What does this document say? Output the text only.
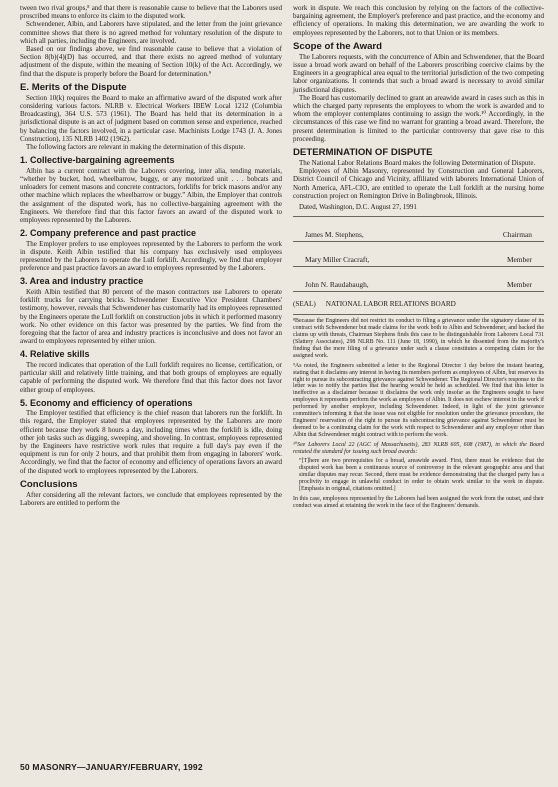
tween two rival groups,⁸ and that there is reasonable cause to believe that the Laborers used proscribed means to enforce its claim to the disputed work.

Schwendener, Albin, and Laborers have stipulated, and the letter from the joint grievance committee shows that there is no agreed method for voluntary resolution of the dispute to which all parties, including the Engineers, are involved.

Based on our findings above, we find reasonable cause to believe that a violation of Section 8(b)(4)(D) has occurred, and that there exists no agreed method of voluntary adjustment of the dispute, within the meaning of Section 10(k) of the Act. Accordingly, we find that the dispute is properly before the Board for determination.⁹

E. Merits of the Dispute

Section 10(k) requires the Board to make an affirmative award of the disputed work after considering various factors. NLRB v. Electrical Workers IBEW Local 1212 (Columbia Broadcasting), 364 U.S. 573 (1961). The Board has held that its determination in a jurisdictional dispute is an act of judgment based on common sense and experience, reached by balancing the factors involved, in a particular case. Machinists Lodge 1743 (J. A. Jones Construction), 135 NLRB 1402 (1962).

The following factors are relevant in making the determination of this dispute.

1. Collective-bargaining agreements

Albin has a current contract with the Laborers covering, inter alia, tending materials, “whether by bucket, hod, wheelbarrow, buggy, or any motorized unit . . . bobcats and unloaders for cement masons and concrete contractors, forklifts for brick masons and/or any other machine which replaces the wheelbarrow or buggy.” Albin, the Employer that controls the assignment of the disputed work, has no collective-bargaining agreement with the Engineers. We therefore find that this factor favors an award of the disputed work to employees represented by the Laborers.

2. Company preference and past practice

The Employer prefers to use employees represented by the Laborers to perform the work in dispute. Keith Albin testified that his company has exclusively used employees represented by the Laborers to operate the Lull forklift. Accordingly, we find that employer preference and past practice favors an award to employees represented by the Laborers.

3. Area and industry practice

Keith Albin testified that 80 percent of the mason contractors use Laborers to operate forklift trucks for carrying bricks. Schwendener Executive Vice President Chambers' testimony, however, reveals that Schwendener has customarily had its employees represented by the Engineers operate the Lull forklift on construction jobs in which it performed masonry work. No other evidence on this factor was presented by the parties. We find from the foregoing that the factor of area and industry practices is inconclusive and does not favor an award to employees represented by either union.

4. Relative skills

The record indicates that operation of the Lull forklift requires no license, certification, or particular skill and relatively little training, and that both groups of employees are equally capable of performing the disputed work. We therefore find that this factor does not favor either group of employees.

5. Economy and efficiency of operations

The Employer testified that efficiency is the chief reason that laborers run the forklift. In this regard, the Employer stated that employees represented by the Laborers are more efficient because they work 8 hours a day, including times when the forklift is idle, doing other job tasks such as digging, sweeping, and shoveling. In contrast, employees represented by the Engineers have restrictive work rules that require a full day's pay even if the equipment is run for only 2 hours, and that prohibit them from engaging in laborers' work. Accordingly, we find that the factor of economy and efficiency of operations favors an award of the disputed work to employees represented by the Laborers.

Conclusions

After considering all the relevant factors, we conclude that employees represented by the Laborers are entitled to perform the

work in dispute. We reach this conclusion by relying on the factors of the collective-bargaining agreement, the Employer's preference and past practice, and the economy and efficiency of operations. In making this determination, we are awarding the work to employees represented by the Laborers, not to that Union or its members.

Scope of the Award

The Laborers requests, with the concurrence of Albin and Schwendener, that the Board issue a broad work award on behalf of the Laborers proscribing coercive claims by the Engineers in a geographical area equal to the territorial jurisdiction of the two competing labor organizations. It contends that such a broad award is necessary to avoid similar jurisdictional disputes.

The Board has customarily declined to grant an areawide award in cases such as this in which the charged party represents the employees to whom the work is awarded and to whom the employer contemplates continuing to assign the work.¹⁰ Accordingly, in the circumstances of this case we find no warrant for granting a broad award. Therefore, the present determination is limited to the particular controversy that gave rise to this proceeding.

DETERMINATION OF DISPUTE

The National Labor Relations Board makes the following Determination of Dispute.

Employees of Albin Masonry, represented by Construction and General Laborers, District Council of Chicago and Vicinity, affiliated with laborers International Union of North America, AFL-CIO, are entitled to operate the Lull forklift at the nursing home construction project on Remington Drive in Bolingbrook, Illinois.

Dated, Washington, D.C. August 27, 1991

James M. Stephens,	Chairman
Mary Miller Cracraft,	Member
John N. Raudabaugh,	Member
(SEAL) NATIONAL LABOR RELATIONS BOARD

⁸Because the Engineers did not restrict its conduct to filing a grievance under the signatory clause of its contract with Schwendener but made claims for the work both to Albin and Schwendener, and backed the claims up with threats, Chairman Stephens finds this case to be distinguishable from Laborers Local 731 (Slattery Associates), 298 NLRB No. 111 (June 18, 1990), in which he dissented from the majority's finding that the mere filing of a grievance under such a clause constitutes a competing claim for the assigned work.

⁹As noted, the Engineers submitted a letter to the Regional Director 1 day before the instant hearing, stating that it disclaims any interest in having its members perform as employees of Albin, but reserves its right to pursue its subcontracting grievance against Schwendener. The Regional Director's response to the letter was to notify the parties that the hearing would be held as scheduled. We find that this letter is ineffective as a disclaimer because it disclaims the work only insofar as the Engineers sought to have employees it represents perform the work as employees of Albin. It does not eschew interest in the work if performed by another employer, including Schwendener. Indeed, in light of the joint grievance committee's informing it that the issue was not eligible for resolution under the grievance procedure, the Engineers' reservation of the right to pursue its subcontracting grievance against Schwendener must be deemed to be a continuing claim for the work with respect to Schwendener and any employer other than Albin that Schwendener might contract with to perform the work.

¹⁰See Laborers Local 22 (AGC of Massachusetts), 283 NLRB 605, 608 (1987), in which the Board restated the standard for issuing such broad awards:

“[T]here are two prerequisites for a broad, areawide award. First, there must be evidence that the disputed work has been a continuous source of controversy in the relevant geographic area and that similar disputes may recur. Second, there must be evidence demonstrating that the charged party has a proclivity to engage in unlawful conduct in order to obtain work similar to the work in dispute. [Emphasis in original, citations omitted.]

In this case, employees represented by the Laborers had been assigned the work from the outset, and their conduct was aimed at retaining the work in the face of the Engineers' demands.

50 MASONRY—JANUARY/FEBRUARY, 1992
